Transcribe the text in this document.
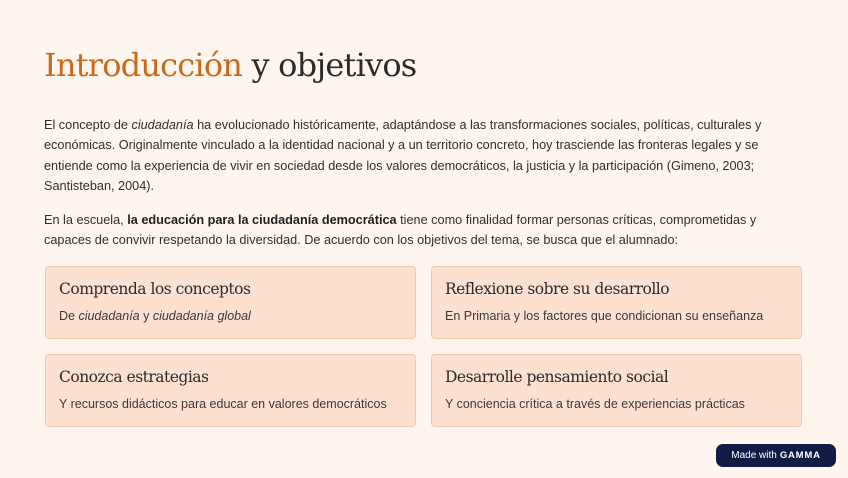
Introducción y objetivos

El concepto de ciudadanía ha evolucionado históricamente, adaptándose a las transformaciones sociales, políticas, culturales y económicas. Originalmente vinculado a la identidad nacional y a un territorio concreto, hoy trasciende las fronteras legales y se entiende como la experiencia de vivir en sociedad desde los valores democráticos, la justicia y la participación (Gimeno, 2003; Santisteban, 2004).

En la escuela, la educación para la ciudadanía democrática tiene como finalidad formar personas críticas, comprometidas y capaces de convivir respetando la diversidad. De acuerdo con los objetivos del tema, se busca que el alumnado:

Comprenda los conceptos
De ciudadanía y ciudadanía global
Reflexione sobre su desarrollo
En Primaria y los factores que condicionan su enseñanza
Conozca estrategias
Y recursos didácticos para educar en valores democráticos
Desarrolle pensamiento social
Y conciencia crítica a través de experiencias prácticas
Made with GAMMA
